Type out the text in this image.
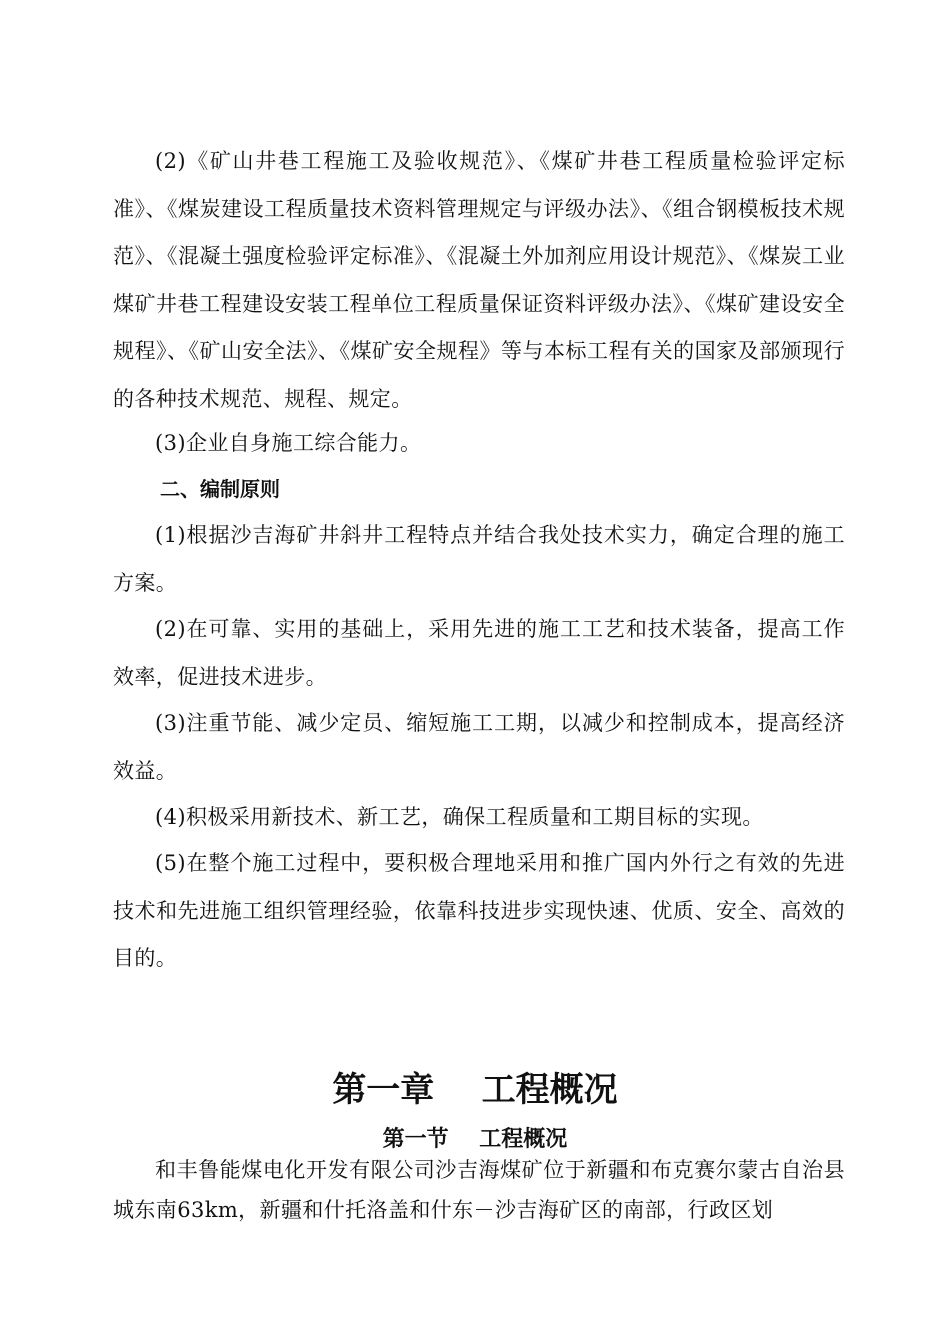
(2)《矿山井巷工程施工及验收规范》、《煤矿井巷工程质量检验评定标准》、《煤炭建设工程质量技术资料管理规定与评级办法》、《组合钢模板技术规范》、《混凝土强度检验评定标准》、《混凝土外加剂应用设计规范》、《煤炭工业煤矿井巷工程建设安装工程单位工程质量保证资料评级办法》、《煤矿建设安全规程》、《矿山安全法》、《煤矿安全规程》等与本标工程有关的国家及部颁现行的各种技术规范、规程、规定。

(3)企业自身施工综合能力。

二、编制原则

(1)根据沙吉海矿井斜井工程特点并结合我处技术实力，确定合理的施工方案。

(2)在可靠、实用的基础上，采用先进的施工工艺和技术装备，提高工作效率，促进技术进步。

(3)注重节能、减少定员、缩短施工工期，以减少和控制成本，提高经济效益。

(4)积极采用新技术、新工艺，确保工程质量和工期目标的实现。

(5)在整个施工过程中，要积极合理地采用和推广国内外行之有效的先进技术和先进施工组织管理经验，依靠科技进步实现快速、优质、安全、高效的目的。

第一章    工程概况
第一节    工程概况

和丰鲁能煤电化开发有限公司沙吉海煤矿位于新疆和布克赛尔蒙古自治县城东南63km，新疆和什托洛盖和什东－沙吉海矿区的南部，行政区划
